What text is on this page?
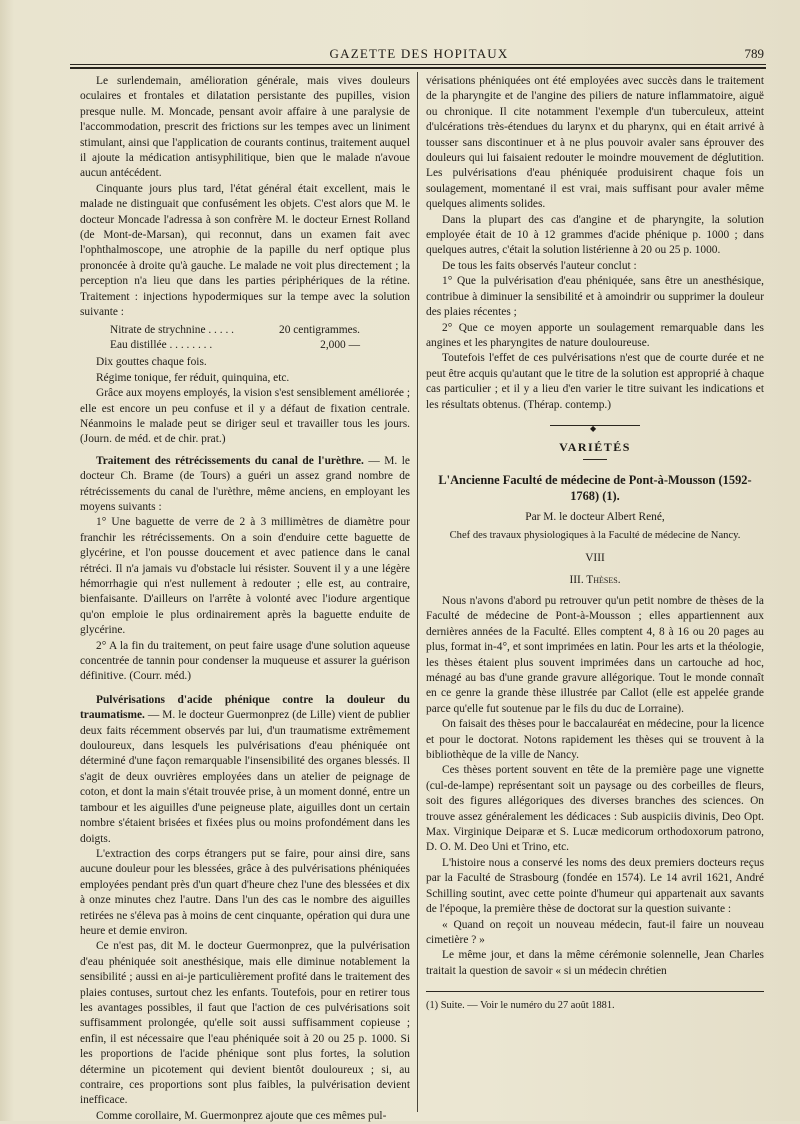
GAZETTE DES HOPITAUX	789

Le surlendemain, amélioration générale, mais vives douleurs oculaires et frontales et dilatation persistante des pupilles, vision presque nulle. M. Moncade, pensant avoir affaire à une paralysie de l'accommodation, prescrit des frictions sur les tempes avec un liniment stimulant, ainsi que l'application de courants continus, traitement auquel il ajoute la médication antisyphilitique, bien que le malade n'avoue aucun antécédent.

Cinquante jours plus tard, l'état général était excellent, mais le malade ne distinguait que confusément les objets. C'est alors que M. le docteur Moncade l'adressa à son confrère M. le docteur Ernest Rolland (de Mont-de-Marsan), qui reconnut, dans un examen fait avec l'ophthalmoscope, une atrophie de la papille du nerf optique plus prononcée à droite qu'à gauche. Le malade ne voit plus directement ; la perception n'a lieu que dans les parties périphériques de la rétine. Traitement : injections hypodermiques sur la tempe avec la solution suivante :

Nitrate de strychnine . . . . .	20 centigrammes.
Eau distillée . . . . . . . .	2,000 —

Dix gouttes chaque fois.

Régime tonique, fer réduit, quinquina, etc.

Grâce aux moyens employés, la vision s'est sensiblement améliorée ; elle est encore un peu confuse et il y a défaut de fixation centrale. Néanmoins le malade peut se diriger seul et travailler tous les jours. (Journ. de méd. et de chir. prat.)

Traitement des rétrécissements du canal de l'urèthre. — M. le docteur Ch. Brame (de Tours) a guéri un assez grand nombre de rétrécissements du canal de l'urèthre, même anciens, en employant les moyens suivants :

1° Une baguette de verre de 2 à 3 millimètres de diamètre pour franchir les rétrécissements. On a soin d'enduire cette baguette de glycérine, et l'on pousse doucement et avec patience dans le canal rétréci. Il n'a jamais vu d'obstacle lui résister. Souvent il y a une légère hémorrhagie qui n'est nullement à redouter ; elle est, au contraire, bienfaisante. D'ailleurs on l'arrête à volonté avec l'iodure argentique qu'on emploie le plus ordinairement après la baguette enduite de glycérine.

2° A la fin du traitement, on peut faire usage d'une solution aqueuse concentrée de tannin pour condenser la muqueuse et assurer la guérison définitive. (Courr. méd.)

Pulvérisations d'acide phénique contre la douleur du traumatisme. — M. le docteur Guermonprez (de Lille) vient de publier deux faits récemment observés par lui, d'un traumatisme extrêmement douloureux, dans lesquels les pulvérisations d'eau phéniquée ont déterminé d'une façon remarquable l'insensibilité des organes blessés. Il s'agit de deux ouvrières employées dans un atelier de peignage de coton, et dont la main s'était trouvée prise, à un moment donné, entre un tambour et les aiguilles d'une peigneuse plate, aiguilles dont un certain nombre s'étaient brisées et fixées plus ou moins profondément dans les doigts.

L'extraction des corps étrangers put se faire, pour ainsi dire, sans aucune douleur pour les blessées, grâce à des pulvérisations phéniquées employées pendant près d'un quart d'heure chez l'une des blessées et dix à onze minutes chez l'autre. Dans l'un des cas le nombre des aiguilles retirées ne s'éleva pas à moins de cent cinquante, opération qui dura une heure et demie environ.

Ce n'est pas, dit M. le docteur Guermonprez, que la pulvérisation d'eau phéniquée soit anesthésique, mais elle diminue notablement la sensibilité ; aussi en ai-je particulièrement profité dans le traitement des plaies contuses, surtout chez les enfants. Toutefois, pour en retirer tous les avantages possibles, il faut que l'action de ces pulvérisations soit suffisamment prolongée, qu'elle soit aussi suffisamment copieuse ; enfin, il est nécessaire que l'eau phéniquée soit à 20 ou 25 p. 1000. Si les proportions de l'acide phénique sont plus fortes, la solution détermine un picotement qui devient bientôt douloureux ; si, au contraire, ces proportions sont plus faibles, la pulvérisation devient inefficace.

Comme corollaire, M. Guermonprez ajoute que ces mêmes pul-

vérisations phéniquées ont été employées avec succès dans le traitement de la pharyngite et de l'angine des piliers de nature inflammatoire, aiguë ou chronique. Il cite notamment l'exemple d'un tuberculeux, atteint d'ulcérations très-étendues du larynx et du pharynx, qui en était arrivé à tousser sans discontinuer et à ne plus pouvoir avaler sans éprouver des douleurs qui lui faisaient redouter le moindre mouvement de déglutition. Les pulvérisations d'eau phéniquée produisirent chaque fois un soulagement, momentané il est vrai, mais suffisant pour avaler même quelques aliments solides.

Dans la plupart des cas d'angine et de pharyngite, la solution employée était de 10 à 12 grammes d'acide phénique p. 1000 ; dans quelques autres, c'était la solution listérienne à 20 ou 25 p. 1000.

De tous les faits observés l'auteur conclut :

1° Que la pulvérisation d'eau phéniquée, sans être un anesthésique, contribue à diminuer la sensibilité et à amoindrir ou supprimer la douleur des plaies récentes ;

2° Que ce moyen apporte un soulagement remarquable dans les angines et les pharyngites de nature douloureuse.

Toutefois l'effet de ces pulvérisations n'est que de courte durée et ne peut être acquis qu'autant que le titre de la solution est approprié à chaque cas particulier ; et il y a lieu d'en varier le titre suivant les indications et les résultats obtenus. (Thérap. contemp.)

◆
VARIÉTÉS
L'Ancienne Faculté de médecine de Pont-à-Mousson (1592-1768) (1).
Par M. le docteur Albert René,
Chef des travaux physiologiques à la Faculté de médecine de Nancy.
VIII
III. Thèses.

Nous n'avons d'abord pu retrouver qu'un petit nombre de thèses de la Faculté de médecine de Pont-à-Mousson ; elles appartiennent aux dernières années de la Faculté. Elles comptent 4, 8 à 16 ou 20 pages au plus, format in-4°, et sont imprimées en latin. Pour les arts et la théologie, les thèses étaient plus souvent imprimées dans un cartouche ad hoc, ménagé au bas d'une grande gravure allégorique. Tout le monde connaît en ce genre la grande thèse illustrée par Callot (elle est appelée grande parce qu'elle fut soutenue par le fils du duc de Lorraine).

On faisait des thèses pour le baccalauréat en médecine, pour la licence et pour le doctorat. Notons rapidement les thèses qui se trouvent à la bibliothèque de la ville de Nancy.

Ces thèses portent souvent en tête de la première page une vignette (cul-de-lampe) représentant soit un paysage ou des corbeilles de fleurs, soit des figures allégoriques des diverses branches des sciences. On trouve assez généralement les dédicaces : Sub auspiciis divinis, Deo Opt. Max. Virginique Deiparæ et S. Lucæ medicorum orthodoxorum patrono, D. O. M. Deo Uni et Trino, etc.

L'histoire nous a conservé les noms des deux premiers docteurs reçus par la Faculté de Strasbourg (fondée en 1574). Le 14 avril 1621, André Schilling soutint, avec cette pointe d'humeur qui appartenait aux savants de l'époque, la première thèse de doctorat sur la question suivante :

« Quand on reçoit un nouveau médecin, faut-il faire un nouveau cimetière ? »

Le même jour, et dans la même cérémonie solennelle, Jean Charles traitait la question de savoir « si un médecin chrétien

(1) Suite. — Voir le numéro du 27 août 1881.
